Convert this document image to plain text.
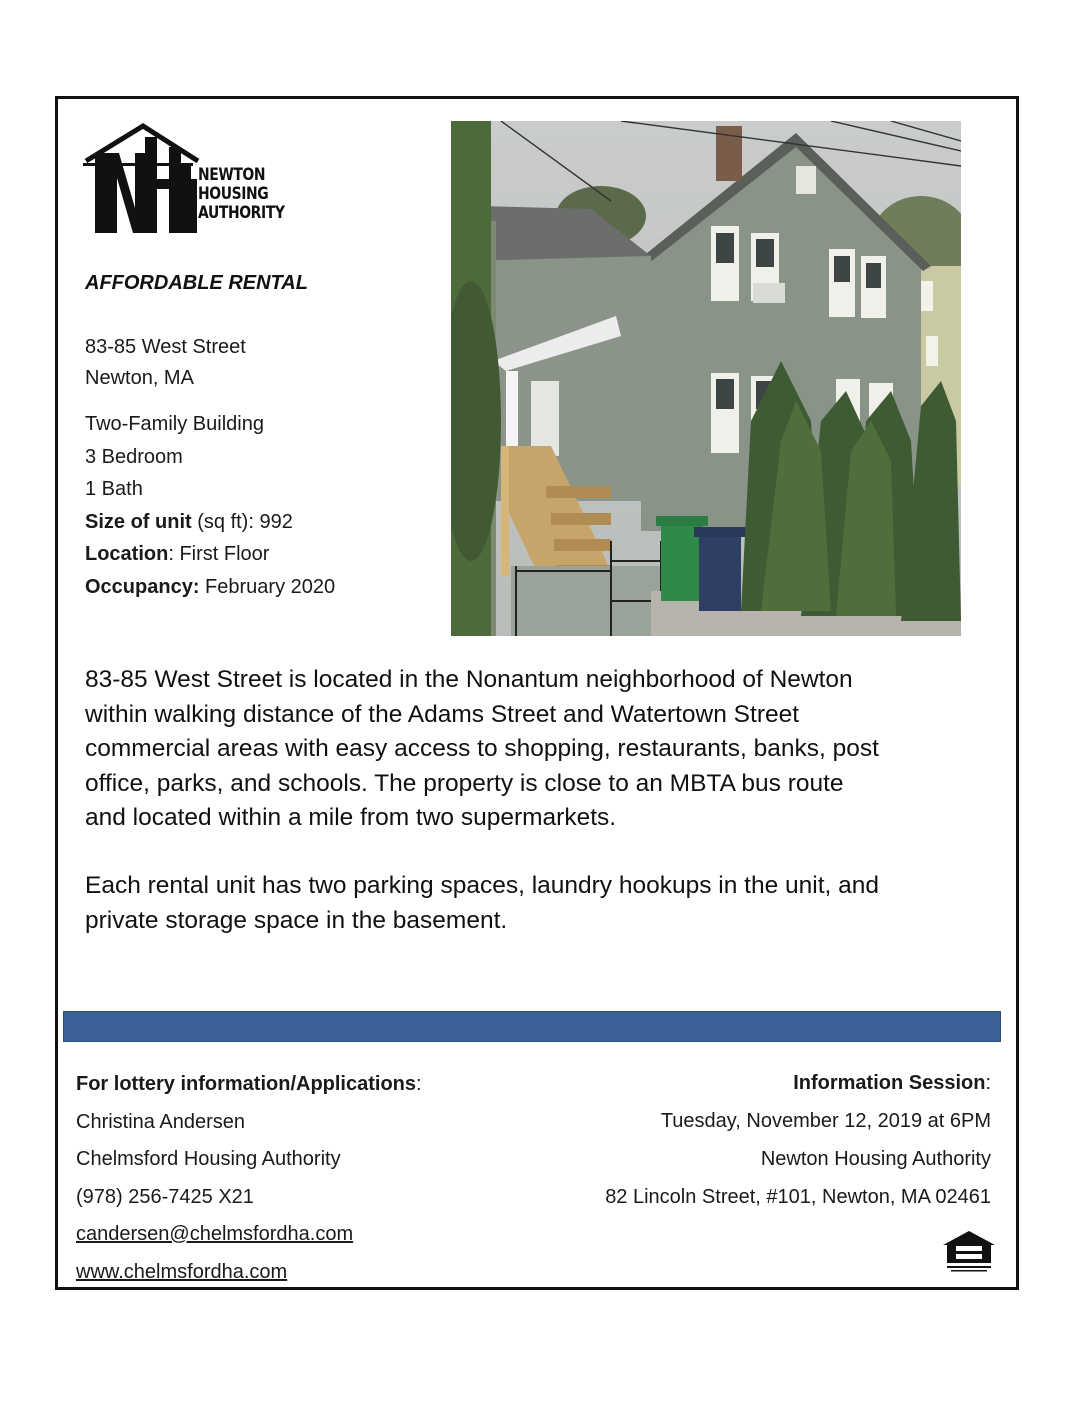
NEWTON
HOUSING
AUTHORITY
AFFORDABLE RENTAL
83-85 West Street
Newton, MA
Two-Family Building
3 Bedroom
1 Bath
Size of unit (sq ft): 992
Location: First Floor
Occupancy: February 2020
83-85 West Street is located in the Nonantum neighborhood of Newton
within walking distance of the Adams Street and Watertown Street
commercial areas with easy access to shopping, restaurants, banks, post
office, parks, and schools. The property is close to an MBTA bus route
and located within a mile from two supermarkets.
Each rental unit has two parking spaces, laundry hookups in the unit, and
private storage space in the basement.
For lottery information/Applications:
Christina Andersen
Chelmsford Housing Authority
(978) 256-7425 X21
candersen@chelmsfordha.com
www.chelmsfordha.com
Information Session:
Tuesday, November 12, 2019 at 6PM
Newton Housing Authority
82 Lincoln Street, #101, Newton, MA 02461
